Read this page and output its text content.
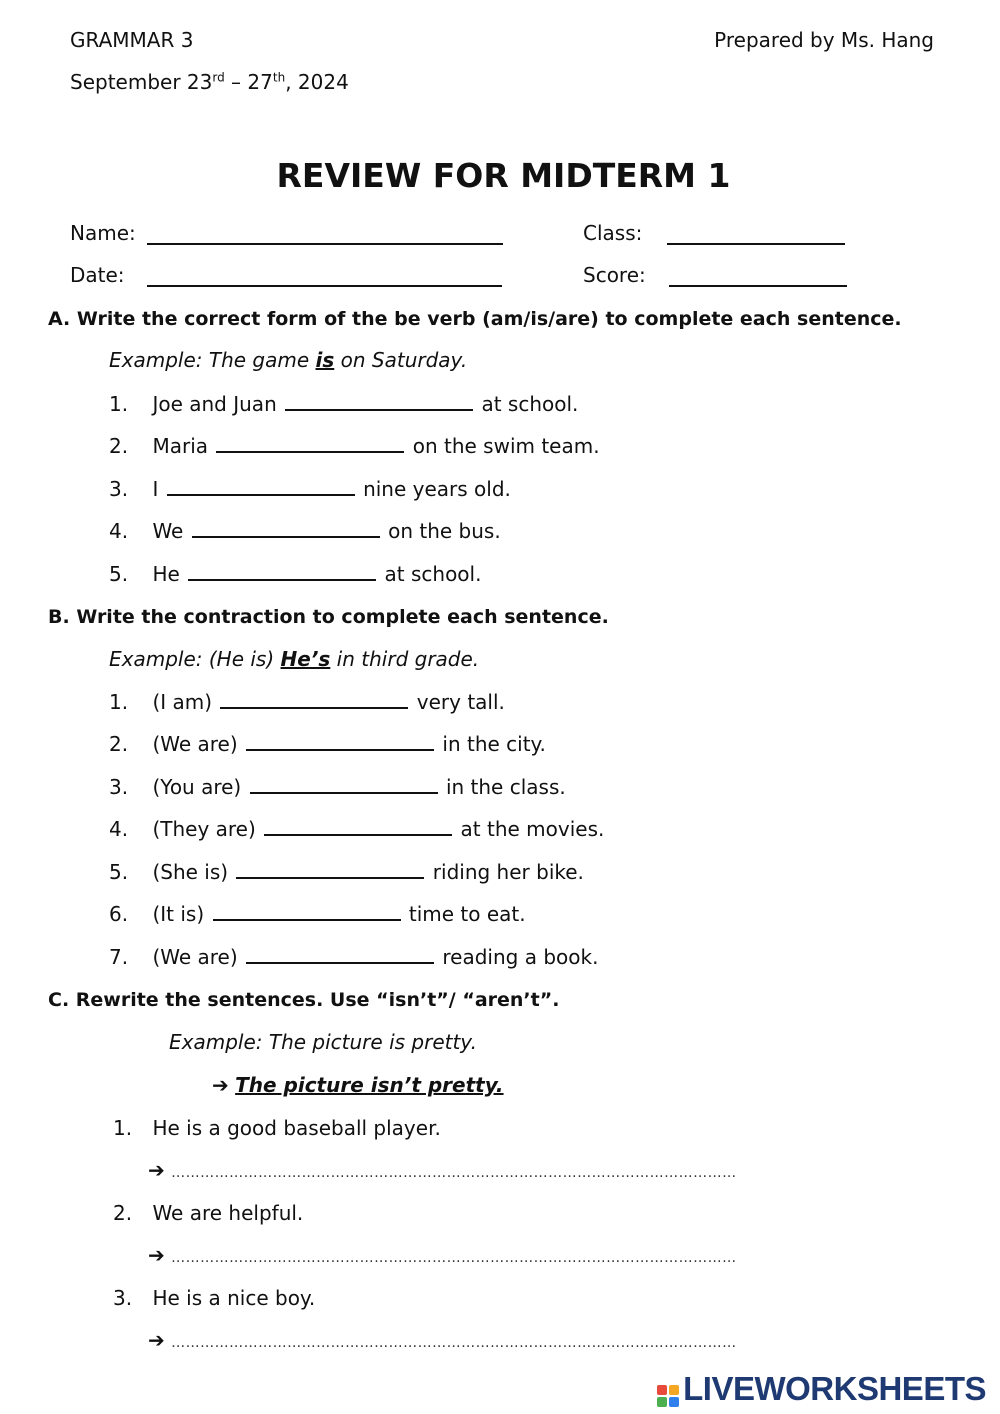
GRAMMAR 3	Prepared by Ms. Hang
September 23rd – 27th, 2024
REVIEW FOR MIDTERM 1
Name:	Class:
Date:	Score:
A. Write the correct form of the be verb (am/is/are) to complete each sentence.
Example: The game is on Saturday.
1. Joe and Juan	at school.
2. Maria	on the swim team.
3. I	nine years old.
4. We	on the bus.
5. He	at school.
B. Write the contraction to complete each sentence.
Example: (He is) He’s in third grade.
1. (I am)	very tall.
2. (We are)	in the city.
3. (You are)	in the class.
4. (They are)	at the movies.
5. (She is)	riding her bike.
6. (It is)	time to eat.
7. (We are)	reading a book.
C. Rewrite the sentences. Use “isn’t”/ “aren’t”.
Example: The picture is pretty.
➔ The picture isn’t pretty.
1. He is a good baseball player.
➔ ………………………………………………………………………………………………………
2. We are helpful.
➔ ………………………………………………………………………………………………………
3. He is a nice boy.
➔ ………………………………………………………………………………………………………
LIVEWORKSHEETS
